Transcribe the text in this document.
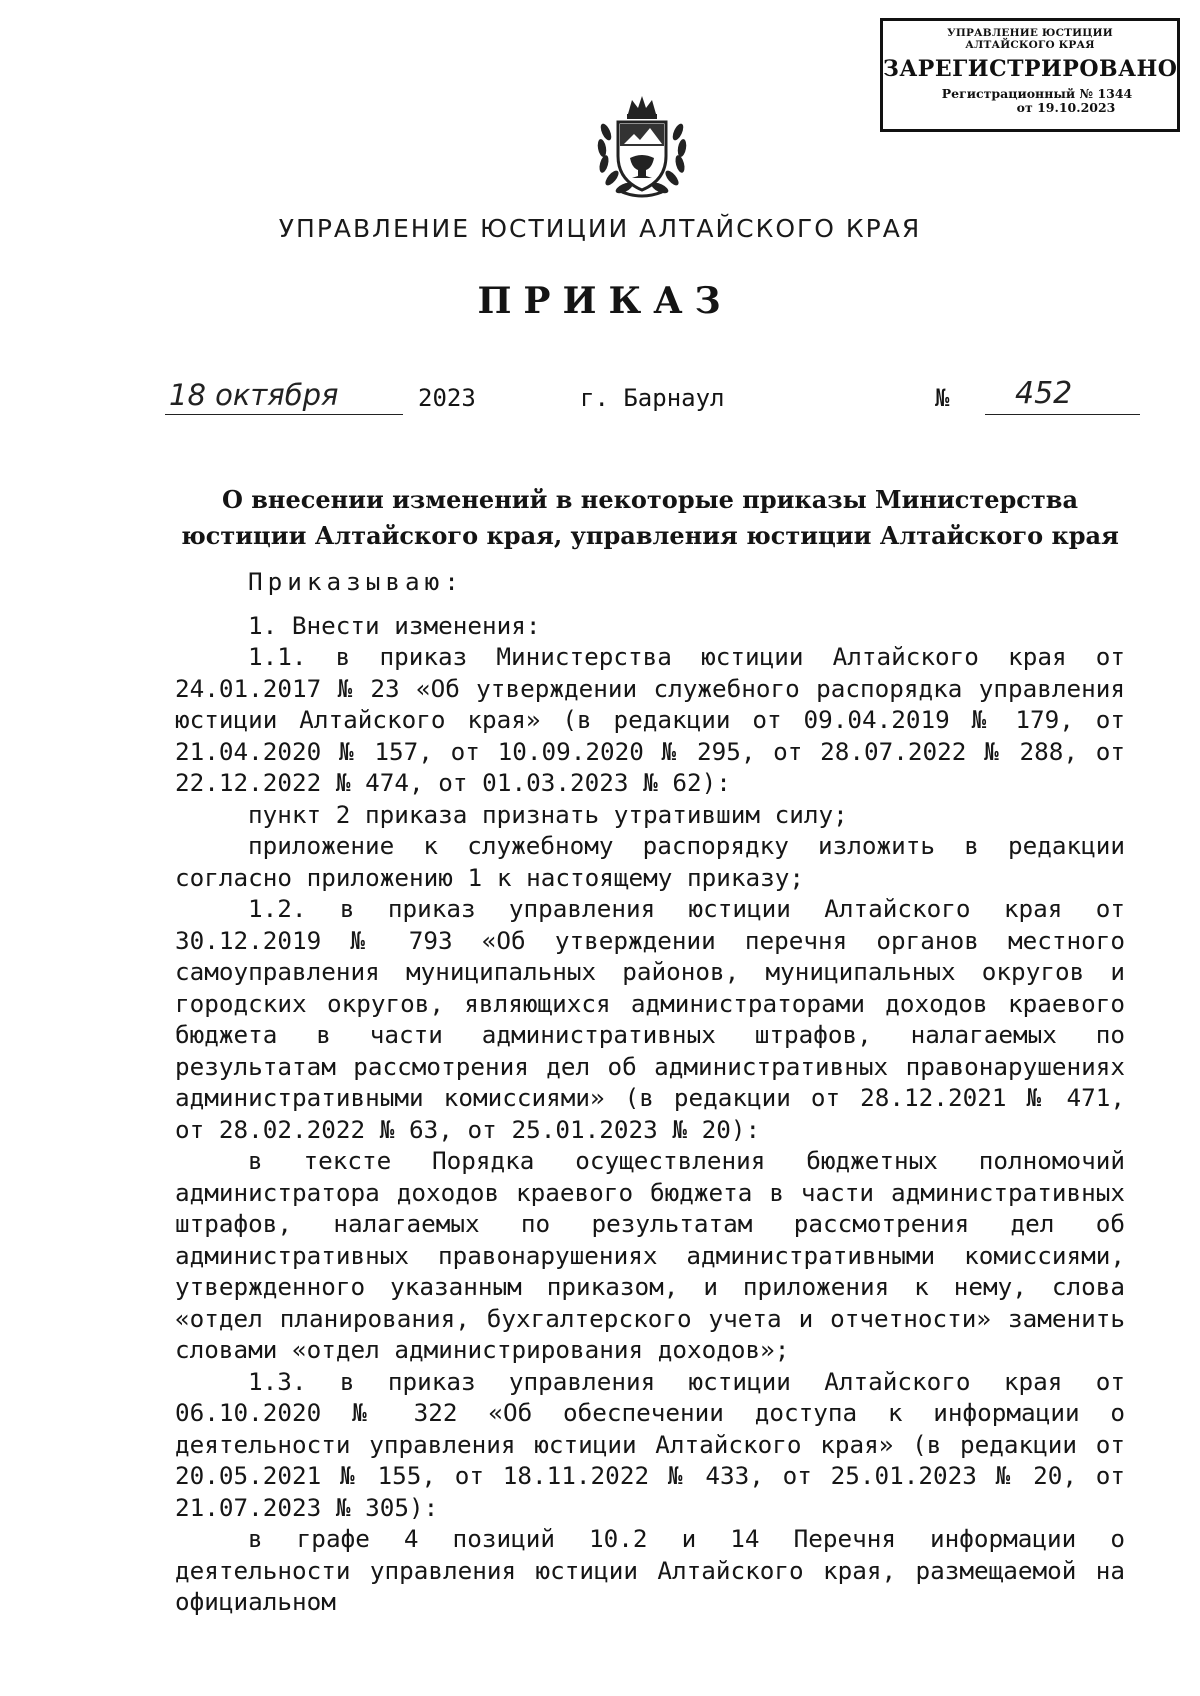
УПРАВЛЕНИЕ ЮСТИЦИИ
АЛТАЙСКОГО КРАЯ
ЗАРЕГИСТРИРОВАНО
Регистрационный № 1344
от 19.10.2023
УПРАВЛЕНИЕ ЮСТИЦИИ АЛТАЙСКОГО КРАЯ
ПРИКАЗ
18 октября	2023	г. Барнаул	№ 452
О внесении изменений в некоторые приказы Министерства юстиции Алтайского края, управления юстиции Алтайского края

Приказываю:

1. Внести изменения:

1.1. в приказ Министерства юстиции Алтайского края от 24.01.2017 № 23 «Об утверждении служебного распорядка управления юстиции Алтайского края» (в редакции от 09.04.2019 № 179, от 21.04.2020 № 157, от 10.09.2020 № 295, от 28.07.2022 № 288, от 22.12.2022 № 474, от 01.03.2023 № 62):

пункт 2 приказа признать утратившим силу;

приложение к служебному распорядку изложить в редакции согласно приложению 1 к настоящему приказу;

1.2. в приказ управления юстиции Алтайского края от 30.12.2019 № 793 «Об утверждении перечня органов местного самоуправления муниципальных районов, муниципальных округов и городских округов, являющихся администраторами доходов краевого бюджета в части административных штрафов, налагаемых по результатам рассмотрения дел об административных правонарушениях административными комиссиями» (в редакции от 28.12.2021 № 471, от 28.02.2022 № 63, от 25.01.2023 № 20):

в тексте Порядка осуществления бюджетных полномочий администратора доходов краевого бюджета в части административных штрафов, налагаемых по результатам рассмотрения дел об административных правонарушениях административными комиссиями, утвержденного указанным приказом, и приложения к нему, слова «отдел планирования, бухгалтерского учета и отчетности» заменить словами «отдел администрирования доходов»;

1.3. в приказ управления юстиции Алтайского края от 06.10.2020 № 322 «Об обеспечении доступа к информации о деятельности управления юстиции Алтайского края» (в редакции от 20.05.2021 № 155, от 18.11.2022 № 433, от 25.01.2023 № 20, от 21.07.2023 № 305):

в графе 4 позиций 10.2 и 14 Перечня информации о деятельности управления юстиции Алтайского края, размещаемой на официальном
